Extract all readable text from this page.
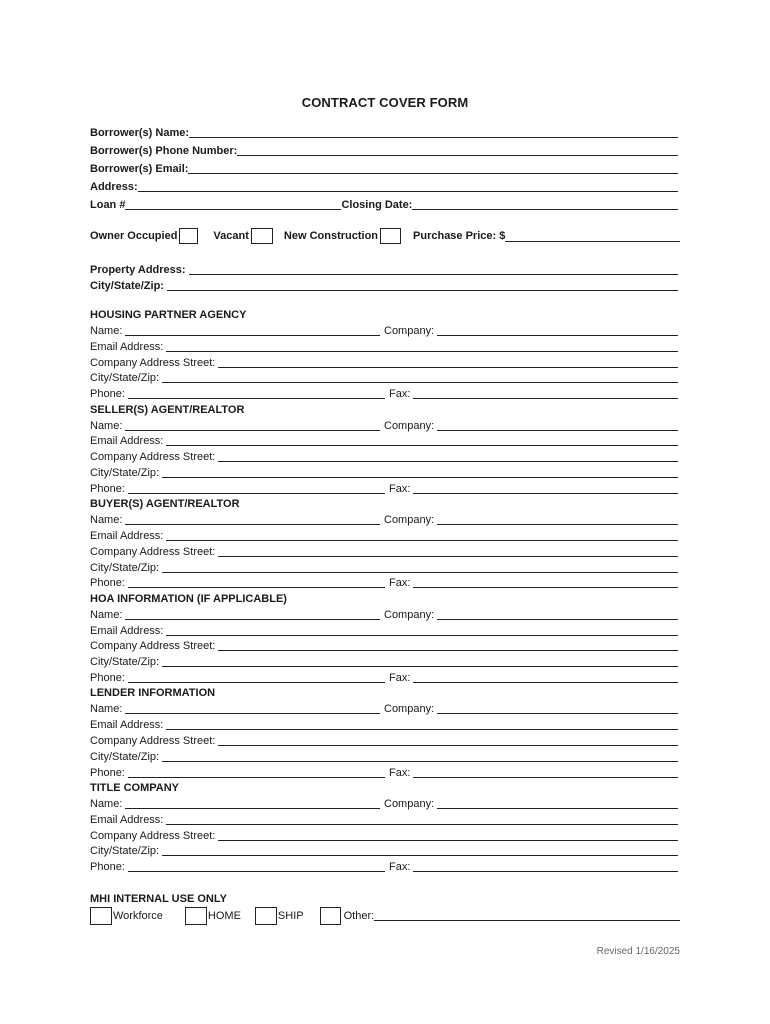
CONTRACT COVER FORM
Borrower(s) Name:
Borrower(s) Phone Number:
Borrower(s) Email:
Address:
Loan #	Closing Date:
Owner Occupied	Vacant	New Construction	Purchase Price: $
Property Address:
City/State/Zip:
HOUSING PARTNER AGENCY
Name:	Company:
Email Address:
Company Address Street:
City/State/Zip:
Phone:	Fax:
SELLER(S) AGENT/REALTOR
Name:	Company:
Email Address:
Company Address Street:
City/State/Zip:
Phone:	Fax:
BUYER(S) AGENT/REALTOR
Name:	Company:
Email Address:
Company Address Street:
City/State/Zip:
Phone:	Fax:
HOA INFORMATION (IF APPLICABLE)
Name:	Company:
Email Address:
Company Address Street:
City/State/Zip:
Phone:	Fax:
LENDER INFORMATION
Name:	Company:
Email Address:
Company Address Street:
City/State/Zip:
Phone:	Fax:
TITLE COMPANY
Name:	Company:
Email Address:
Company Address Street:
City/State/Zip:
Phone:	Fax:
MHI INTERNAL USE ONLY
Workforce	HOME	SHIP	Other:
Revised 1/16/2025
